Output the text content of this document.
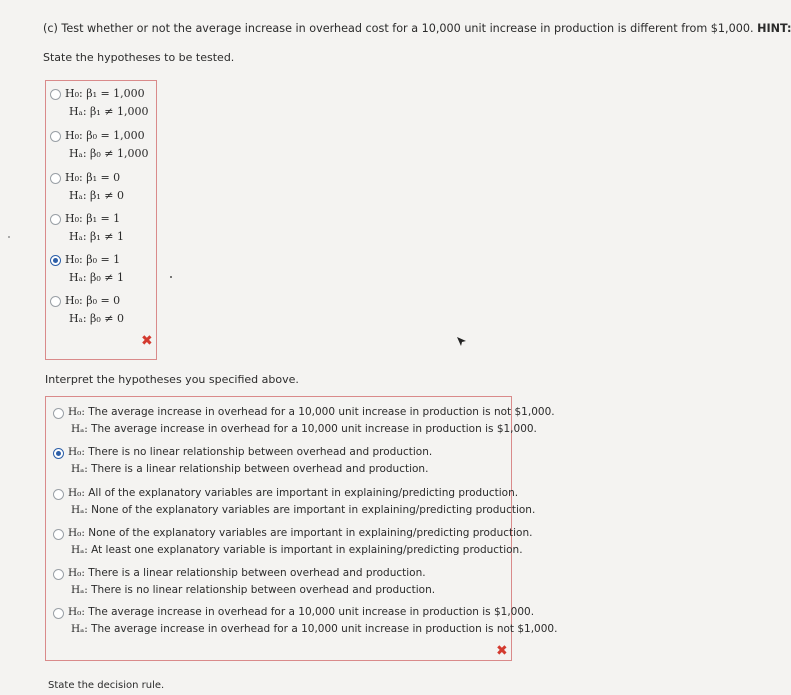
(c) Test whether or not the average increase in overhead cost for a 10,000 unit increase in production is different from $1,000. HINT:
State the hypotheses to be tested.
H₀: β₁ = 1,000
Hₐ: β₁ ≠ 1,000
H₀: β₀ = 1,000
Hₐ: β₀ ≠ 1,000
H₀: β₁ = 0
Hₐ: β₁ ≠ 0
H₀: β₁ = 1
Hₐ: β₁ ≠ 1
H₀: β₀ = 1
Hₐ: β₀ ≠ 1
H₀: β₀ = 0
Hₐ: β₀ ≠ 0
✖
Interpret the hypotheses you specified above.
H₀: The average increase in overhead for a 10,000 unit increase in production is not $1,000.
Hₐ: The average increase in overhead for a 10,000 unit increase in production is $1,000.
H₀: There is no linear relationship between overhead and production.
Hₐ: There is a linear relationship between overhead and production.
H₀: All of the explanatory variables are important in explaining/predicting production.
Hₐ: None of the explanatory variables are important in explaining/predicting production.
H₀: None of the explanatory variables are important in explaining/predicting production.
Hₐ: At least one explanatory variable is important in explaining/predicting production.
H₀: There is a linear relationship between overhead and production.
Hₐ: There is no linear relationship between overhead and production.
H₀: The average increase in overhead for a 10,000 unit increase in production is $1,000.
Hₐ: The average increase in overhead for a 10,000 unit increase in production is not $1,000.
✖
State the decision rule.
